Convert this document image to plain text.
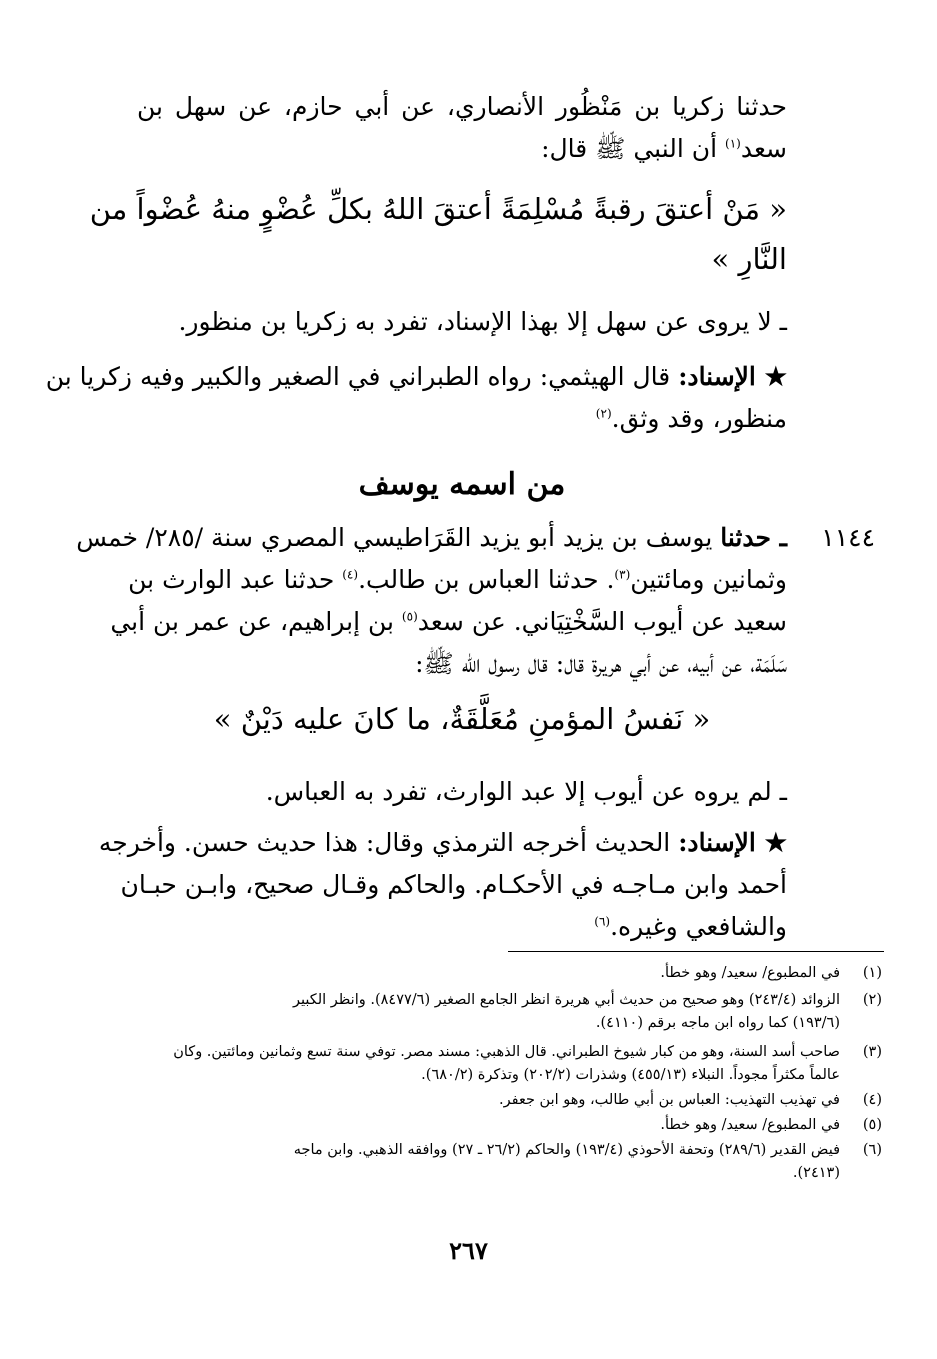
حدثنا زكريا بن مَنْظُور الأنصاري، عن أبي حازم، عن سهل بن
سعد$^{(١)}$ أن النبي ﷺ قال:
« مَنْ أعتقَ رقبةً مُسْلِمَةً أعتقَ اللهُ بكلِّ عُضْوٍ منهُ عُضْواً من
النَّارِ »
ـ لا يروى عن سهل إلا بهذا الإسناد، تفرد به زكريا بن منظور.
★ الإسناد: قال الهيثمي: رواه الطبراني في الصغير والكبير وفيه زكريا بن
منظور، وقد وثق.$^{(٢)}$
من اسمه يوسف
١١٤٤
ـ حدثنا يوسف بن يزيد أبو يزيد القَرَاطيسي المصري سنة /٢٨٥/ خمس
وثمانين ومائتين$^{(٣)}$. حدثنا العباس بن طالب.$^{(٤)}$ حدثنا عبد الوارث بن
سعيد عن أيوب السَّخْتِيَاني. عن سعد$^{(٥)}$ بن إبراهيم، عن عمر بن أبي
سَلَمَة، عن أبيه، عن أبي هريرة قال: قال رسول الله ﷺ:
« نَفسُ المؤمنِ مُعَلَّقَةٌ، ما كانَ عليه دَيْنٌ »
ـ لم يروه عن أيوب إلا عبد الوارث، تفرد به العباس.
★ الإسناد: الحديث أخرجه الترمذي وقال: هذا حديث حسن. وأخرجه
أحمد وابن مـاجـه في الأحكـام. والحاكم وقـال صحيح، وابـن حبـان
والشافعي وغيره.$^{(٦)}$
(١)
في المطبوع/ سعيد/ وهو خطأ.
(٢)
الزوائد (٢٤٣/٤) وهو صحيح من حديث أبي هريرة انظر الجامع الصغير (٨٤٧٧/٦). وانظر الكبير
(١٩٣/٦) كما رواه ابن ماجه برقم (٤١١٠).
(٣)
صاحب أسد السنة، وهو من كبار شيوخ الطبراني. قال الذهبي: مسند مصر. توفي سنة تسع وثمانين ومائتين. وكان
عالماً مكثراً مجوداً. النبلاء (٤٥٥/١٣) وشذرات (٢٠٢/٢) وتذكرة (٦٨٠/٢).
(٤)
في تهذيب التهذيب: العباس بن أبي طالب، وهو ابن جعفر.
(٥)
في المطبوع/ سعيد/ وهو خطأ.
(٦)
فيض القدير (٢٨٩/٦) وتحفة الأحوذي (١٩٣/٤) والحاكم (٢٦/٢ ـ ٢٧) ووافقه الذهبي. وابن ماجه
(٢٤١٣).
٢٦٧
